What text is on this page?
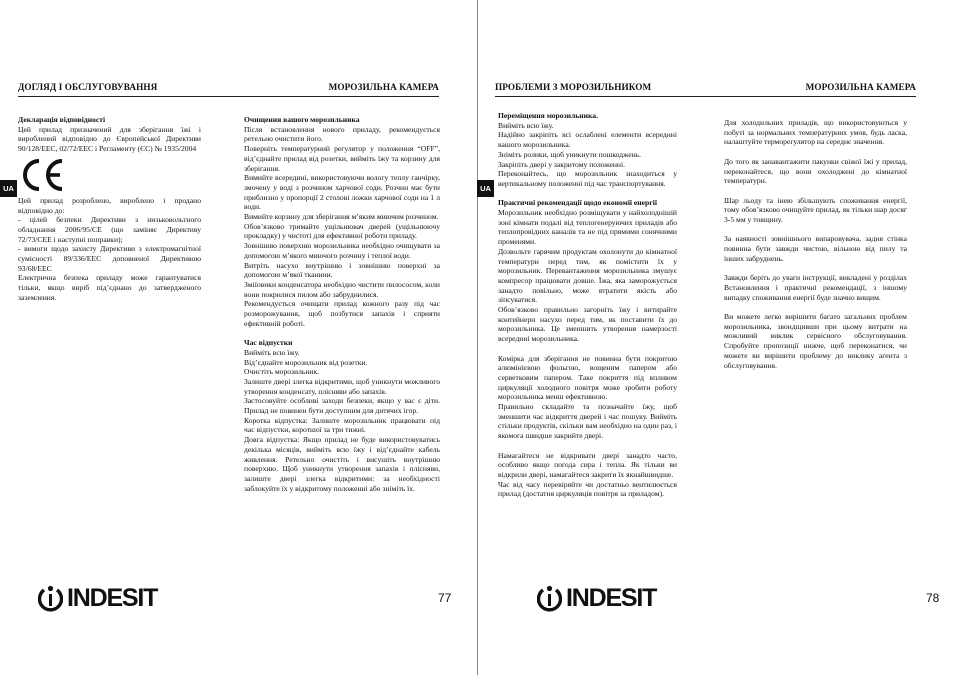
ДОГЛЯД І ОБСЛУГОВУВАННЯ	МОРОЗИЛЬНА КАМЕРА
UA

Декларація відповідності

Цей прилад призначений для зберігання їжі і вироблений відповідно до Європейської Директиви 90/128/ЕЕС, 02/72/ЕЕС і Регламенту (ЄС) № 1935/2004

Цей прилад розроблено, вироблено і продано відповідно до:

- цілей безпеки Директиви з низьковольтного обладнання 2006/95/CE (що заміняє Директиву 72/73/CEE і наступні поправки);

- вимоги щодо захисту Директиви з електромагнітної сумісності 89/336/EEC доповненої Директивою 93/68/EEC

Електрична безпека приладу може гарантуватися тільки, якщо виріб під’єднано до затвердженого заземлення.

Очищення вашого морозильника

Після встановлення нового приладу, рекомендується ретельно очистити його.

Поверніть температурний регулятор у положення “OFF”, від’єднайте прилад від розетки, вийміть їжу та корзину для зберігання.

Вимийте всередині, використовуючи вологу теплу ганчірку, змочену у воді з розчином харчової соди. Розчин має бути приблизно у пропорції 2 столові ложки харчової соди на 1 л води.

Вимийте корзину для зберігання м’яким миючим розчином.

Обов’язково тримайте ущільнювач дверей (ущільнюючу прокладку) у чистоті для ефективної роботи приладу.

Зовнішню поверхню морозильника необхідно очищувати за допомогою м’якого миючого розчину і теплої води.

Витріть насухо внутрішню і зовнішню поверхні за допомогою м’якої тканини.

Зміїовики конденсатора необхідно чистити пилососом, коли вони покрилися пилом або забруднилися.

Рекомендується очищати прилад кожного разу під час розморожування, щоб позбутися запахів і сприяти ефективній роботі.

Час відпустки

Вийміть всю їжу.

Від’єднайте морозильник від розетки.

Очистіть морозильник.

Залиште двері злегка відкритими, щоб уникнути можливого утворення конденсату, плісняви або запахів.

Застосовуйте особливі заходи безпеки, якщо у вас є діти. Прилад не повинен бути доступним для дитячих ігор.

Коротка відпустка: Залиште морозильник працювати під час відпустки, коротшої за три тижні.

Довга відпустка: Якщо прилад не буде використовуватись декілька місяців, вийміть всю їжу і від’єднайте кабель живлення. Ретельно очистіть і висушіть внутрішню поверхню. Щоб уникнути утворення запахів і плісняви, залиште двері злегка відкритими: за необхідності заблокуйте їх у відкритому положенні або зніміть їх.

INDESIT	77
ПРОБЛЕМИ З МОРОЗИЛЬНИКОМ	МОРОЗИЛЬНА КАМЕРА
UA

Переміщення морозильника.

Вийміть всю їжу.

Надійно закріпіть всі ослаблені елементи всередині вашого морозильника.

Зніміть ролики, щоб уникнути пошкоджень.

Закріпіть двері у закритому положенні.

Переконайтесь, що морозильник знаходиться у вертикальному положенні під час транспортування.

Практичні рекомендації щодо економії енергії

Морозильник необхідно розміщувати у найхолоднішій зоні кімнати подалі від теплогенеруючих приладів або теплопровідних каналів та не під прямими сонячними променями.

Дозвольте гарячим продуктам охолонути до кімнатної температури перед тим, як помістити їх у морозильник. Перевантаження морозильника змушує компресор працювати довше. Їжа, яка заморожується занадто повільно, може втратити якість або зіпсуватися.

Обов’язково правильно загорніть їжу і витирайте контейнери насухо перед тим, як поставити їх до морозильника. Це зменшить утворення намерзості всередині морозильника.

Комірка для зберігання не повинна бути покритою алюмінієвою фольгою, вощеним папером або серветковим папером. Такe покриття під впливом циркуляції холодного повітря може зробити роботу морозильника менш ефективною.

Правильно складайте та позначайте їжу, щоб зменшити час відкриття дверей і час пошуку. Вийміть стільки продуктів, скільки вам необхідно на один раз, і якомога швидше закрийте двері.

Намагайтеся не відкривати двері занадто часто, особливо якщо погода сира і тепла. Як тільки ви відкрили двері, намагайтеся закрити їх якнайшвидше.

Час від часу перевіряйте чи достатньо вентилюється прилад (достатня циркуляція повітря за приладом).

Для холодильних приладів, що використовуються у побуті за нормальних температурних умов, будь ласка, налаштуйте терморегулятор на середнє значення.

До того як занавантажити пакунки свіжої їжі у прилад, переконайтеся, що вони охолоджені до кімнатної температури.

Шар льоду та інею збільшують споживання енергії, тому обов’язково очищуйте прилад, як тільки шар досяг 3-5 мм у товщину.

За наявності зовнішнього випаровувача, задня стінка повинна бути завжди чистою, вільною від пилу та інших забруднень.

Завжди беріть до уваги інструкції, викладені у розділах Встановлення і практичні рекомендації, з іншому випадку споживання енергії буде значно вищим.

Ви можете легко вирішити багато загальних проблем морозильника, звондщивши при цьому витрати на можливий виклик сервісного обслуговування. Спробуйте пропозиції нижче, щоб переконатися, чи можете ви вирішити проблему до виклику агента з обслуговування.

INDESIT	78
